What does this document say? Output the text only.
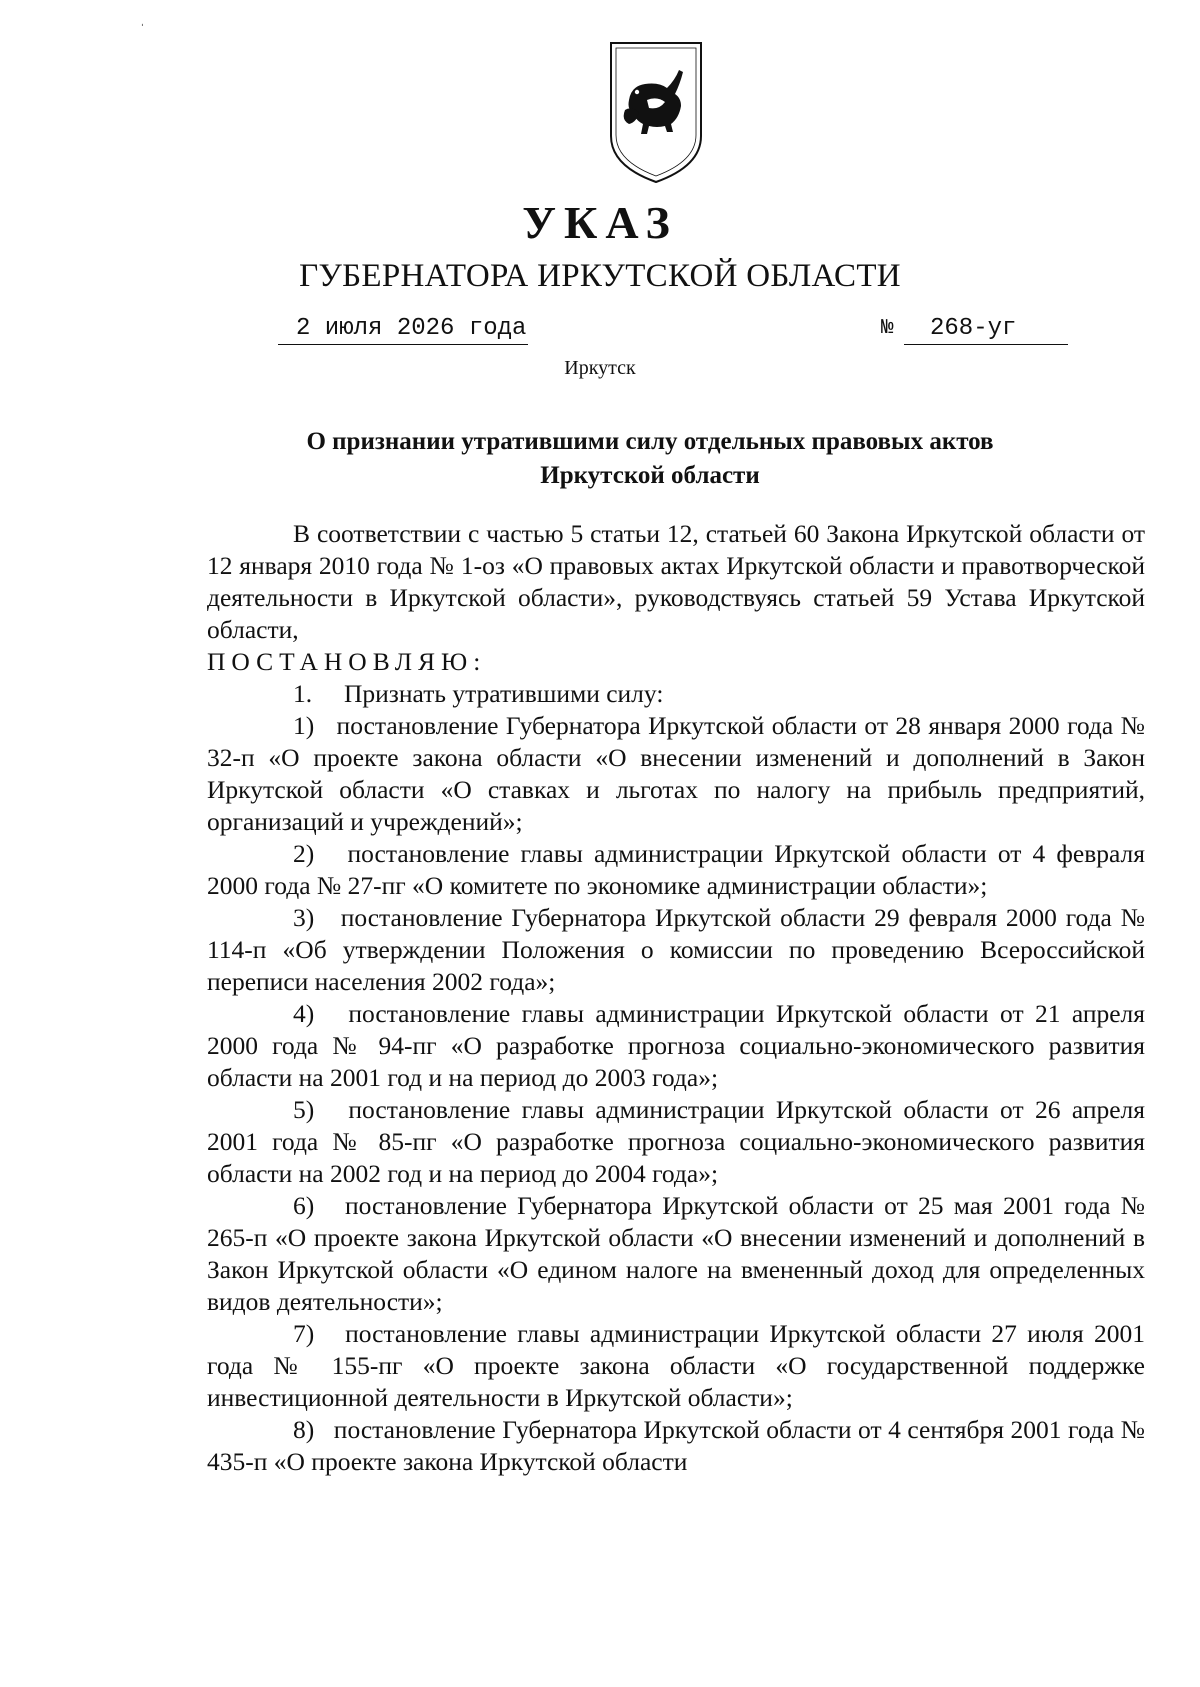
ˌ
УКАЗ
ГУБЕРНАТОРА ИРКУТСКОЙ ОБЛАСТИ
2 июля 2026 года	№	268-уг
Иркутск
О признании утратившими силу отдельных правовых актов
Иркутской области

В соответствии с частью 5 статьи 12, статьей 60 Закона Иркутской области от 12 января 2010 года № 1-оз «О правовых актах Иркутской области и правотворческой деятельности в Иркутской области», руководствуясь статьей 59 Устава Иркутской области,

ПОСТАНОВЛЯЮ:

1.     Признать утратившими силу:

1)   постановление Губернатора Иркутской области от 28 января 2000 года № 32-п «О проекте закона области «О внесении изменений и дополнений в Закон Иркутской области «О ставках и льготах по налогу на прибыль предприятий, организаций и учреждений»;

2)   постановление главы администрации Иркутской области от 4 февраля 2000 года № 27-пг «О комитете по экономике администрации области»;

3)   постановление Губернатора Иркутской области 29 февраля 2000 года № 114-п «Об утверждении Положения о комиссии по проведению Всероссийской переписи населения 2002 года»;

4)   постановление главы администрации Иркутской области от 21 апреля 2000 года № 94-пг «О разработке прогноза социально-экономического развития области на 2001 год и на период до 2003 года»;

5)   постановление главы администрации Иркутской области от 26 апреля 2001 года № 85-пг «О разработке прогноза социально-экономического развития области на 2002 год и на период до 2004 года»;

6)   постановление Губернатора Иркутской области от 25 мая 2001 года № 265-п «О проекте закона Иркутской области «О внесении изменений и дополнений в Закон Иркутской области «О едином налоге на вмененный доход для определенных видов деятельности»;

7)   постановление главы администрации Иркутской области 27 июля 2001 года № 155-пг «О проекте закона области «О государственной поддержке инвестиционной деятельности в Иркутской области»;

8)   постановление Губернатора Иркутской области от 4 сентября 2001 года № 435-п «О проекте закона Иркутской области
